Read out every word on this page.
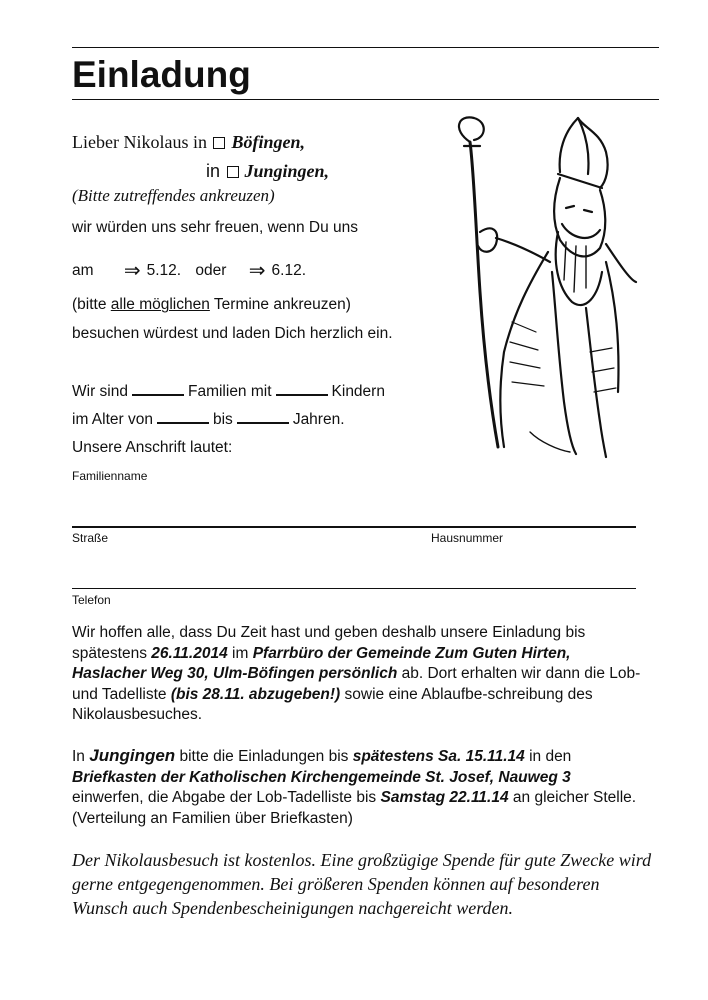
Einladung
Lieber Nikolaus in Böfingen,
in Jungingen,
(Bitte zutreffendes ankreuzen)
wir würden uns sehr freuen, wenn Du uns
am ⇒ 5.12. oder ⇒ 6.12.
(bitte alle möglichen Termine ankreuzen)
besuchen würdest und laden Dich herzlich ein.
Wir sind	Familien mit	Kindern
im Alter von	bis	Jahren.
Unsere Anschrift lautet:
Familienname
Straße	Hausnummer
Telefon
Wir hoffen alle, dass Du Zeit hast und geben deshalb unsere Einladung bis spätestens 26.11.2014 im Pfarrbüro der Gemeinde Zum Guten Hirten, Haslacher Weg 30, Ulm-Böfingen persönlich ab. Dort erhalten wir dann die Lob- und Tadelliste (bis 28.11. abzugeben!) sowie eine Ablaufbe-schreibung des Nikolausbesuches.
In Jungingen bitte die Einladungen bis spätestens Sa. 15.11.14 in den Briefkasten der Katholischen Kirchengemeinde St. Josef, Nauweg 3 einwerfen, die Abgabe der Lob-Tadelliste bis Samstag 22.11.14 an gleicher Stelle. (Verteilung an Familien über Briefkasten)
Der Nikolausbesuch ist kostenlos. Eine großzügige Spende für gute Zwecke wird gerne entgegengenommen. Bei größeren Spenden können auf besonderen Wunsch auch Spendenbescheinigungen nachgereicht werden.
